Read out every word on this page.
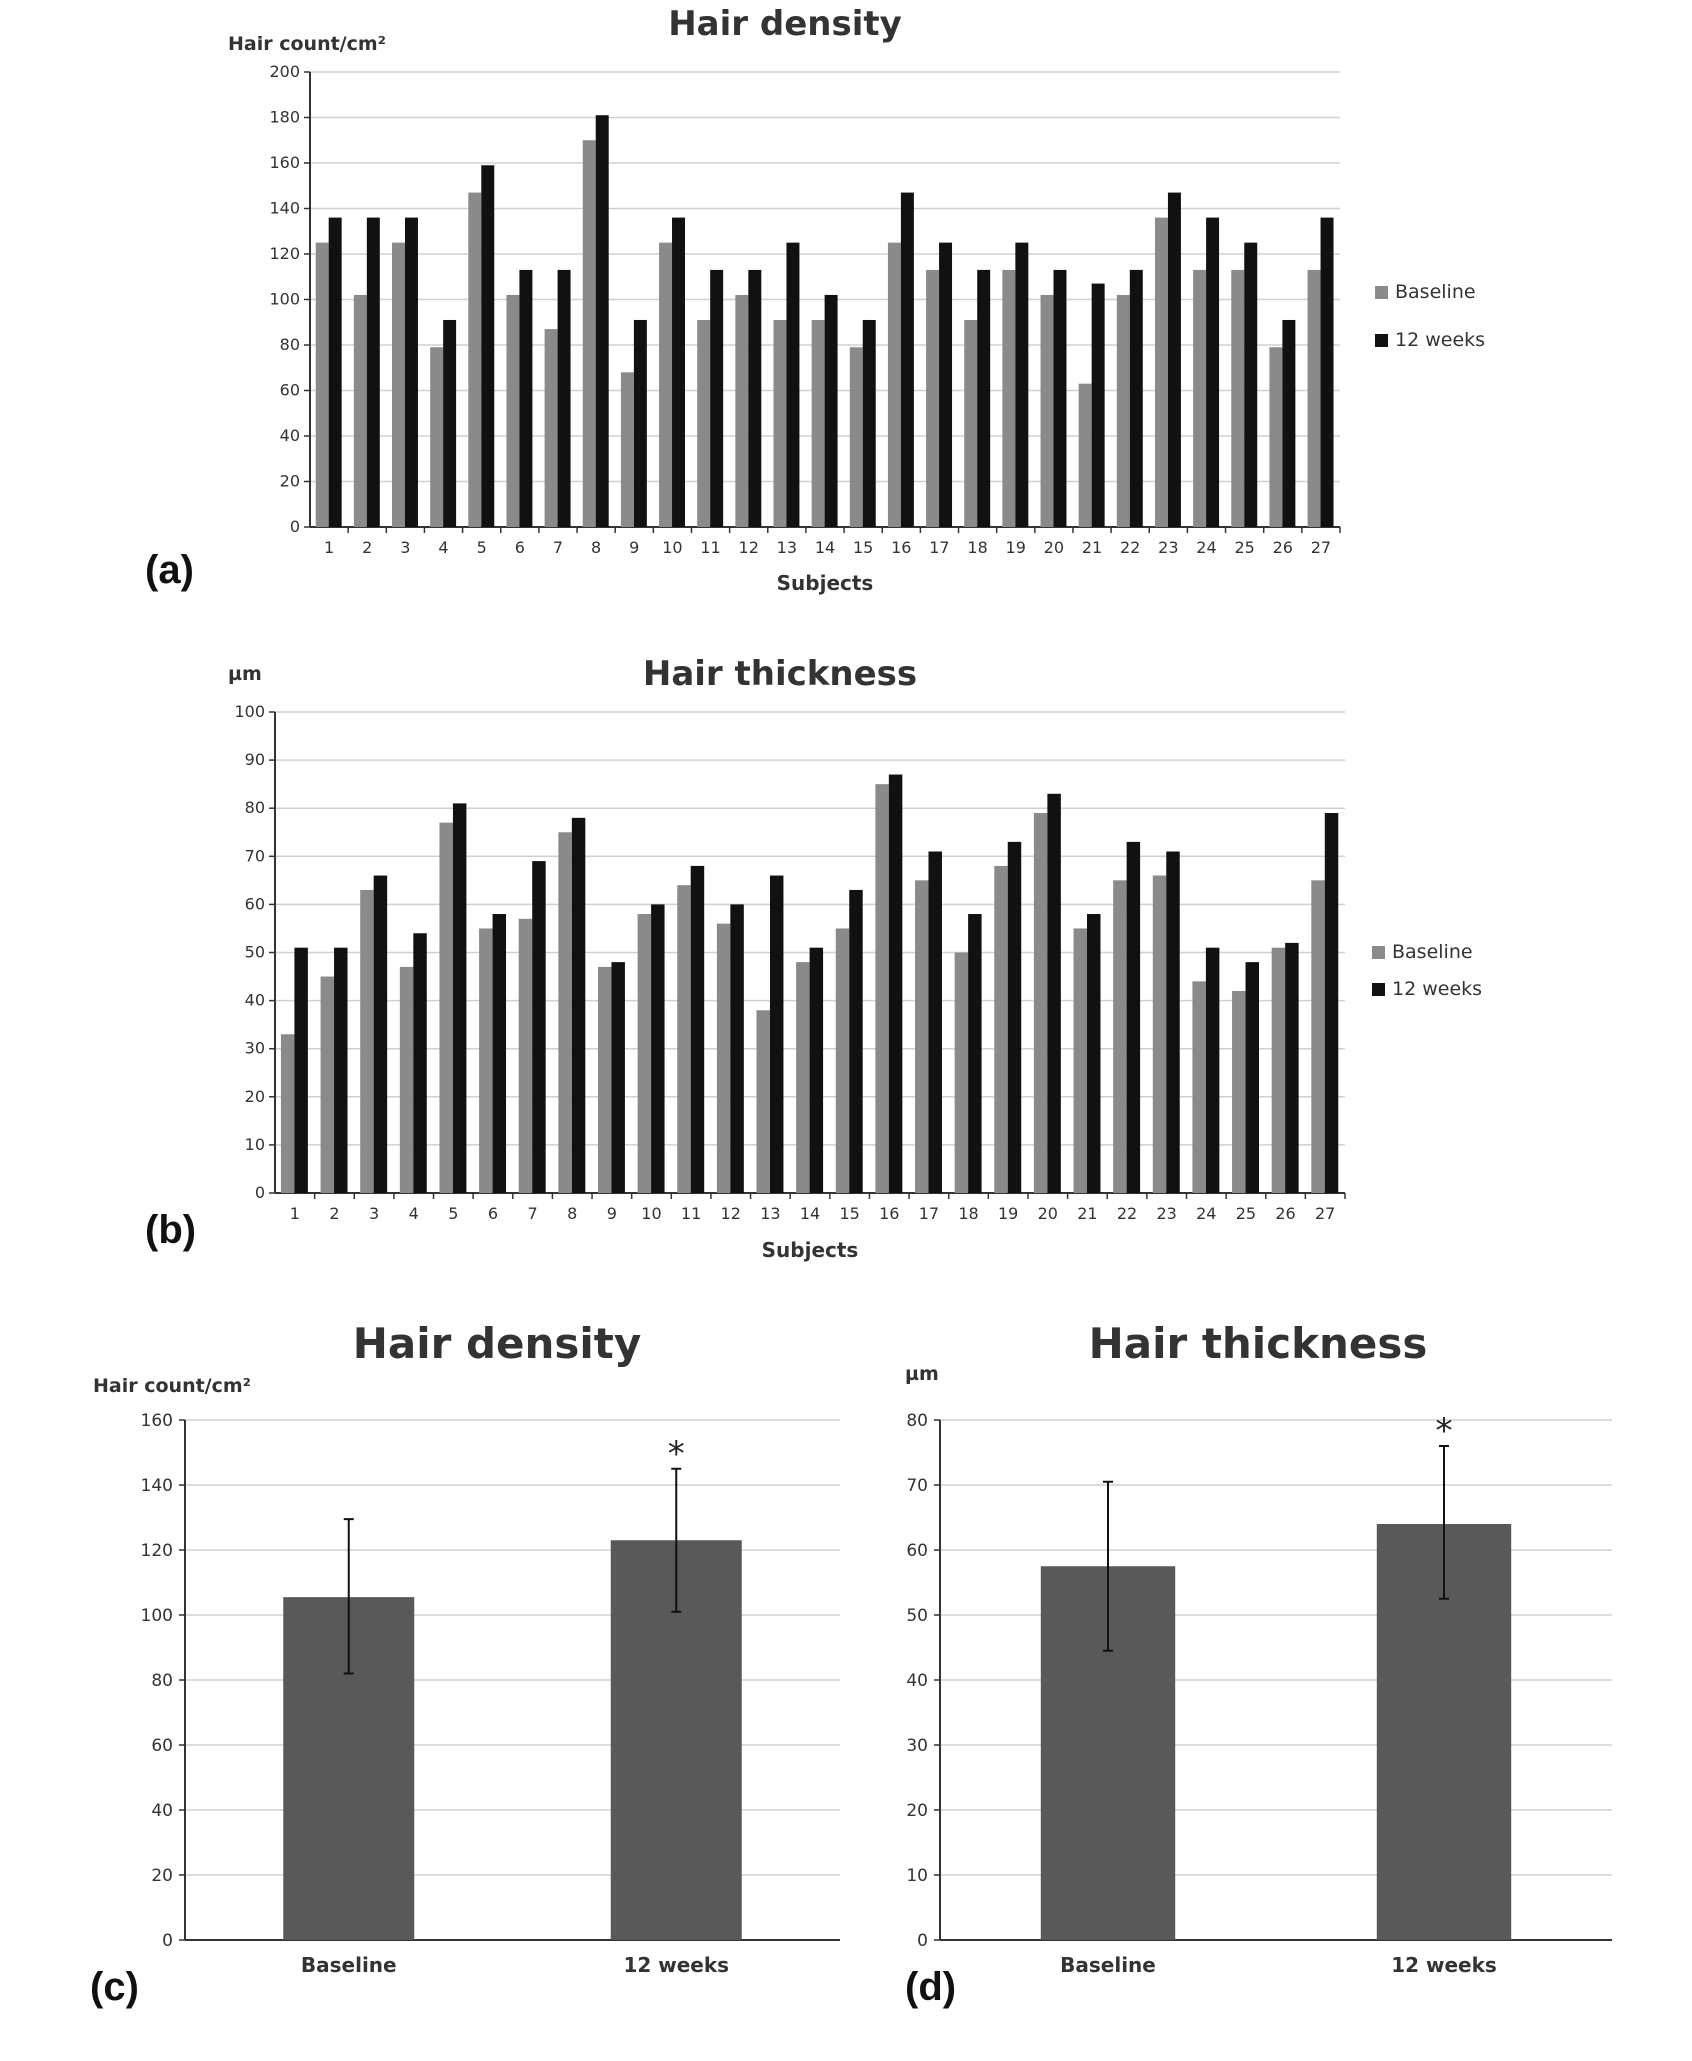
Hair density
Hair count/cm²
Subjects
0
20
40
60
80
100
120
140
160
180
200
1 2 3 4 5 6 7 8 9 10 11 12 13 14 15 16 17 18 19 20 21 22 23 24 25 26 27
Baseline
12 weeks
(a)
Hair thickness
µm
Subjects
0
10
20
30
40
50
60
70
80
90
100
1 2 3 4 5 6 7 8 9 10 11 12 13 14 15 16 17 18 19 20 21 22 23 24 25 26 27
Baseline
12 weeks
(b)
Hair density
Hair count/cm²
0
20
40
60
80
100
120
140
160
Baseline
*
12 weeks
(c)
Hair thickness
µm
0
10
20
30
40
50
60
70
80
Baseline
*
12 weeks
(d)
